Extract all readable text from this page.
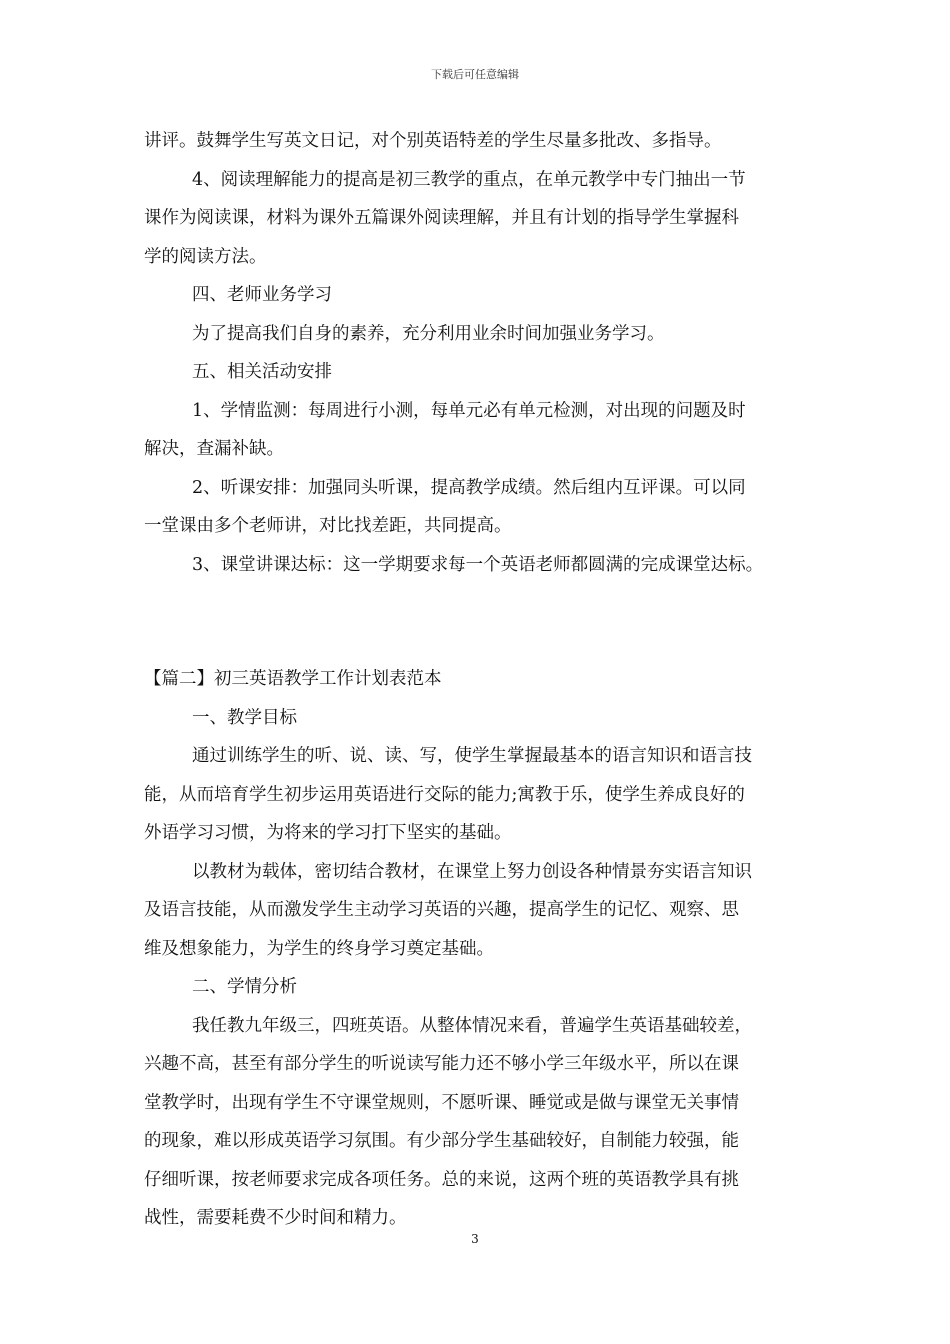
下载后可任意编辑

讲评。鼓舞学生写英文日记，对个别英语特差的学生尽量多批改、多指导。

4、阅读理解能力的提高是初三教学的重点，在单元教学中专门抽出一节

课作为阅读课，材料为课外五篇课外阅读理解，并且有计划的指导学生掌握科

学的阅读方法。

四、老师业务学习

为了提高我们自身的素养，充分利用业余时间加强业务学习。

五、相关活动安排

1、学情监测：每周进行小测，每单元必有单元检测，对出现的问题及时

解决，查漏补缺。

2、听课安排：加强同头听课，提高教学成绩。然后组内互评课。可以同

一堂课由多个老师讲，对比找差距，共同提高。

3、课堂讲课达标：这一学期要求每一个英语老师都圆满的完成课堂达标。

【篇二】初三英语教学工作计划表范本

一、教学目标

通过训练学生的听、说、读、写，使学生掌握最基本的语言知识和语言技

能，从而培育学生初步运用英语进行交际的能力;寓教于乐，使学生养成良好的

外语学习习惯，为将来的学习打下坚实的基础。

以教材为载体，密切结合教材，在课堂上努力创设各种情景夯实语言知识

及语言技能，从而激发学生主动学习英语的兴趣，提高学生的记忆、观察、思

维及想象能力，为学生的终身学习奠定基础。

二、学情分析

我任教九年级三，四班英语。从整体情况来看，普遍学生英语基础较差，

兴趣不高，甚至有部分学生的听说读写能力还不够小学三年级水平，所以在课

堂教学时，出现有学生不守课堂规则，不愿听课、睡觉或是做与课堂无关事情

的现象，难以形成英语学习氛围。有少部分学生基础较好，自制能力较强，能

仔细听课，按老师要求完成各项任务。总的来说，这两个班的英语教学具有挑

战性，需要耗费不少时间和精力。

3
